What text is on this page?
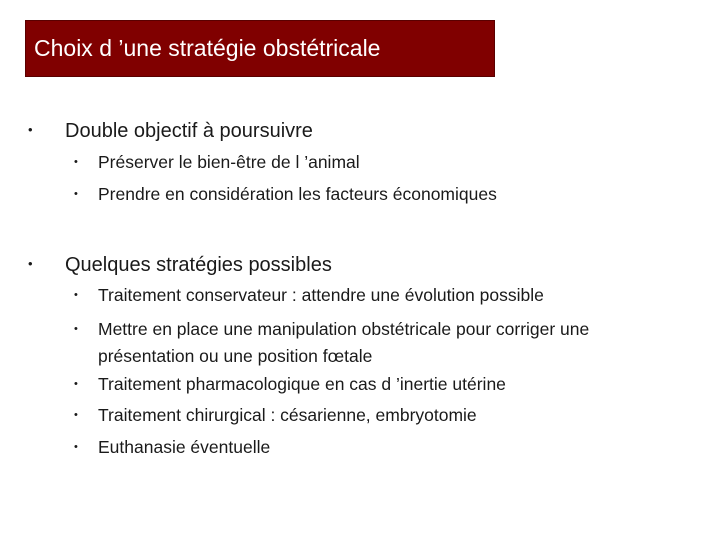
Choix d ’une stratégie obstétricale
• Double objectif à poursuivre
• Préserver le bien-être de l ’animal
• Prendre en considération les facteurs économiques
• Quelques stratégies possibles
• Traitement conservateur : attendre une évolution possible
• Mettre en place une manipulation obstétricale pour corriger une présentation ou une position fœtale
• Traitement pharmacologique en cas d ’inertie utérine
• Traitement chirurgical : césarienne, embryotomie
• Euthanasie éventuelle
